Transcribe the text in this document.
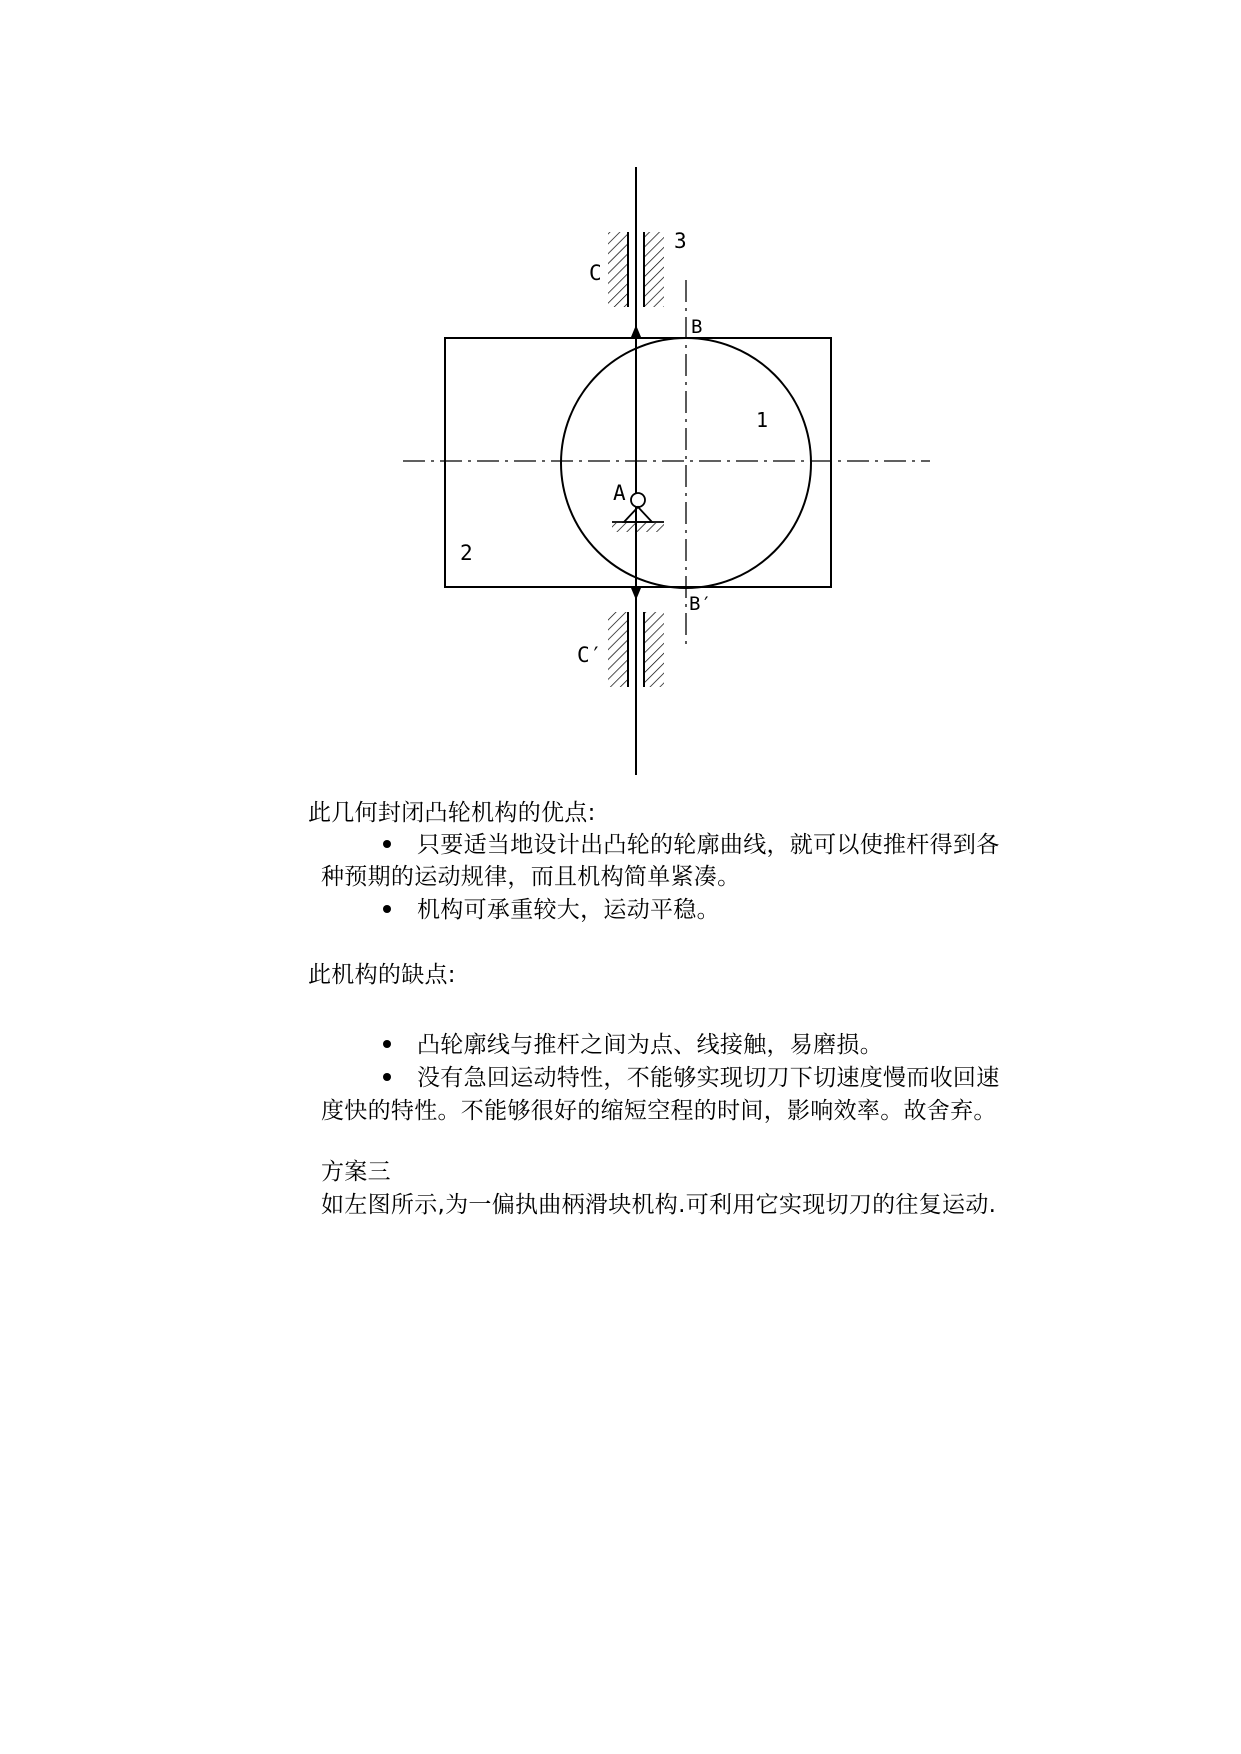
C
3
B
1
A
2
B′
C′
此几何封闭凸轮机构的优点:
只要适当地设计出凸轮的轮廓曲线，就可以使推杆得到各
种预期的运动规律，而且机构简单紧凑。
机构可承重较大，运动平稳。
此机构的缺点:
凸轮廓线与推杆之间为点、线接触，易磨损。
没有急回运动特性，不能够实现切刀下切速度慢而收回速
度快的特性。不能够很好的缩短空程的时间，影响效率。故舍弃。
方案三
如左图所示,为一偏执曲柄滑块机构.可利用它实现切刀的往复运动.
